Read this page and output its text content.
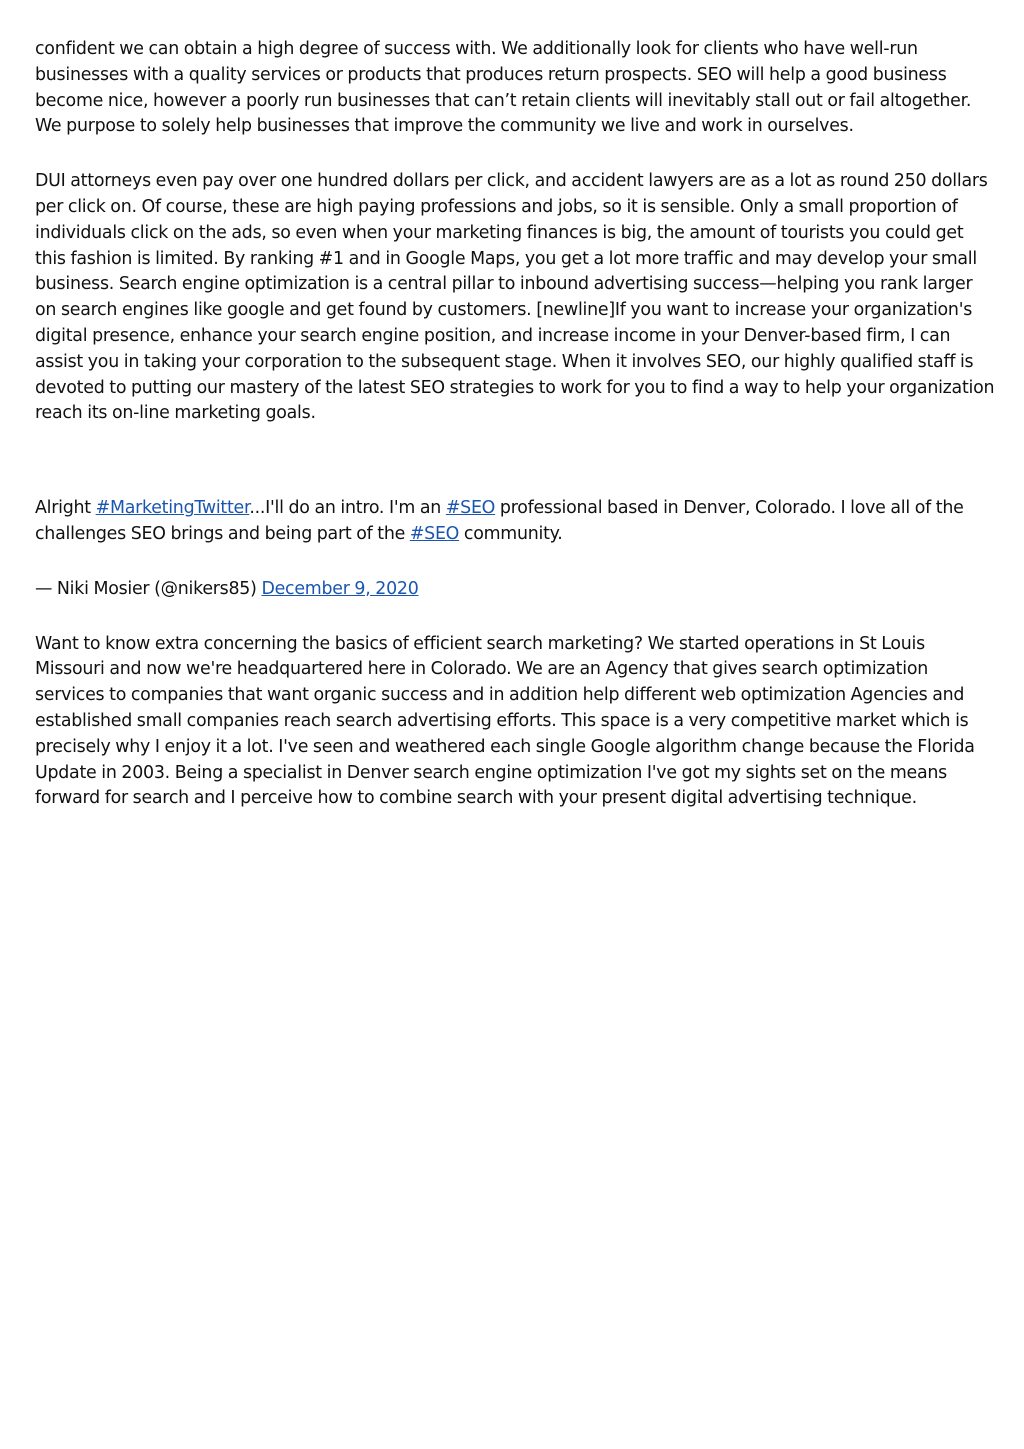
confident we can obtain a high degree of success with. We additionally look for clients who have well-run businesses with a quality services or products that produces return prospects. SEO will help a good business become nice, however a poorly run businesses that can’t retain clients will inevitably stall out or fail altogether. We purpose to solely help businesses that improve the community we live and work in ourselves.

DUI attorneys even pay over one hundred dollars per click, and accident lawyers are as a lot as round 250 dollars per click on. Of course, these are high paying professions and jobs, so it is sensible. Only a small proportion of individuals click on the ads, so even when your marketing finances is big, the amount of tourists you could get this fashion is limited. By ranking #1 and in Google Maps, you get a lot more traffic and may develop your small business. Search engine optimization is a central pillar to inbound advertising success—helping you rank larger on search engines like google and get found by customers. [newline]If you want to increase your organization's digital presence, enhance your search engine position, and increase income in your Denver-based firm, I can assist you in taking your corporation to the subsequent stage. When it involves SEO, our highly qualified staff is devoted to putting our mastery of the latest SEO strategies to work for you to find a way to help your organization reach its on-line marketing goals.

Alright #MarketingTwitter...I'll do an intro. I'm an #SEO professional based in Denver, Colorado. I love all of the challenges SEO brings and being part of the #SEO community.

— Niki Mosier (@nikers85) December 9, 2020

Want to know extra concerning the basics of efficient search marketing? We started operations in St Louis Missouri and now we're headquartered here in Colorado. We are an Agency that gives search optimization services to companies that want organic success and in addition help different web optimization Agencies and established small companies reach search advertising efforts. This space is a very competitive market which is precisely why I enjoy it a lot. I've seen and weathered each single Google algorithm change because the Florida Update in 2003. Being a specialist in Denver search engine optimization I've got my sights set on the means forward for search and I perceive how to combine search with your present digital advertising technique.
